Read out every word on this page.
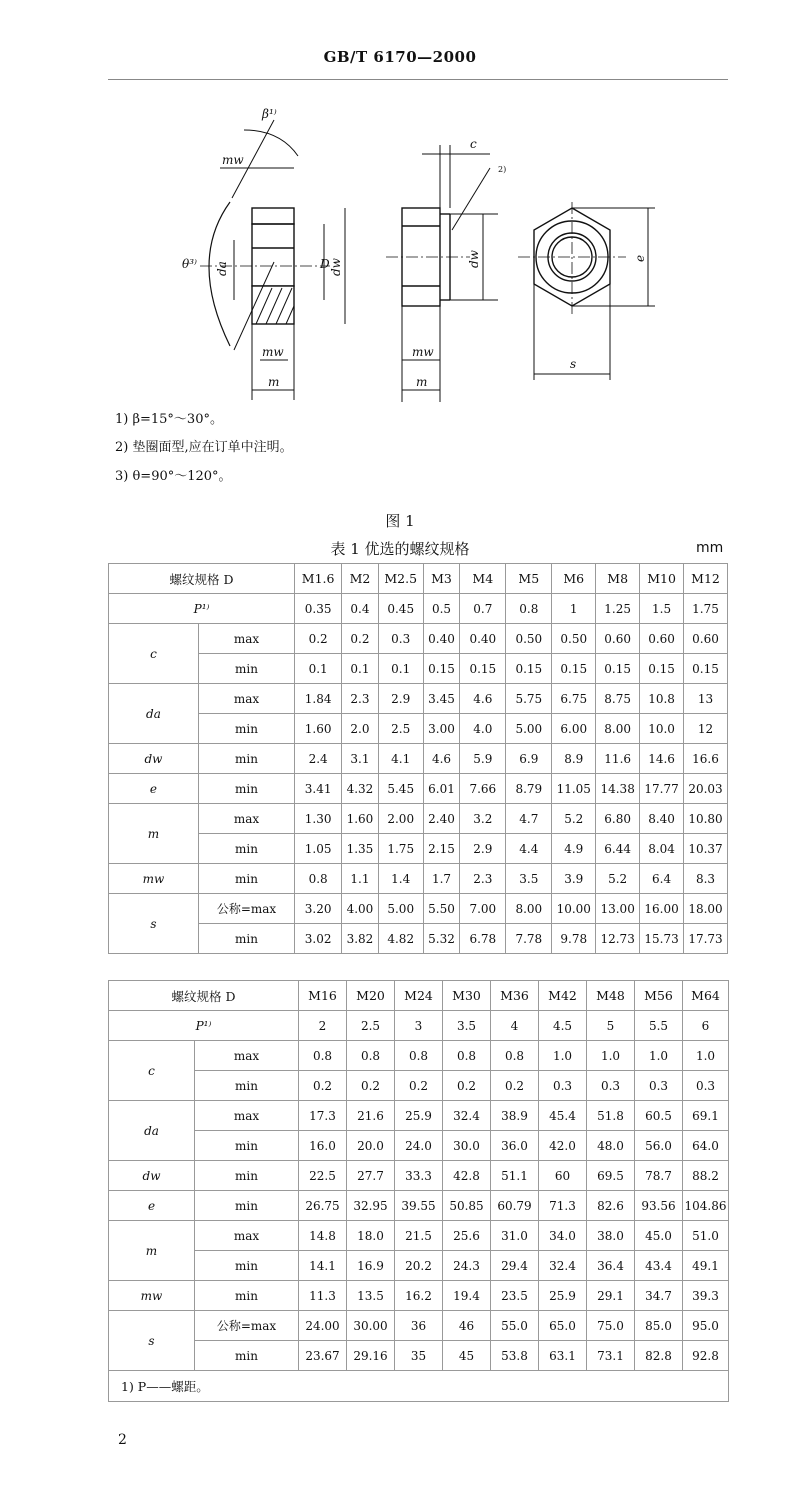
GB/T 6170—2000
β¹⁾
θ³⁾
mw
da	D dw
mw
m
c
2)
dw
mw
m
e
s
1) β=15°～30°。
2) 垫圈面型,应在订单中注明。
3) θ=90°～120°。
图 1
表 1 优选的螺纹规格	mm
螺纹规格 D		M1.6	M2	M2.5	M3	M4	M5	M6	M8	M10	M12
P¹⁾		0.35	0.4	0.45	0.5	0.7	0.8	1	1.25	1.5	1.75
c	max	0.2	0.2	0.3	0.40	0.40	0.50	0.50	0.60	0.60	0.60
	min	0.1	0.1	0.1	0.15	0.15	0.15	0.15	0.15	0.15	0.15
da	max	1.84	2.3	2.9	3.45	4.6	5.75	6.75	8.75	10.8	13
	min	1.60	2.0	2.5	3.00	4.0	5.00	6.00	8.00	10.0	12
dw	min	2.4	3.1	4.1	4.6	5.9	6.9	8.9	11.6	14.6	16.6
e	min	3.41	4.32	5.45	6.01	7.66	8.79	11.05	14.38	17.77	20.03
m	max	1.30	1.60	2.00	2.40	3.2	4.7	5.2	6.80	8.40	10.80
	min	1.05	1.35	1.75	2.15	2.9	4.4	4.9	6.44	8.04	10.37
mw	min	0.8	1.1	1.4	1.7	2.3	3.5	3.9	5.2	6.4	8.3
s	公称=max	3.20	4.00	5.00	5.50	7.00	8.00	10.00	13.00	16.00	18.00
	min	3.02	3.82	4.82	5.32	6.78	7.78	9.78	12.73	15.73	17.73
螺纹规格 D		M16	M20	M24	M30	M36	M42	M48	M56	M64
P¹⁾		2	2.5	3	3.5	4	4.5	5	5.5	6
c	max	0.8	0.8	0.8	0.8	0.8	1.0	1.0	1.0	1.0
	min	0.2	0.2	0.2	0.2	0.2	0.3	0.3	0.3	0.3
da	max	17.3	21.6	25.9	32.4	38.9	45.4	51.8	60.5	69.1
	min	16.0	20.0	24.0	30.0	36.0	42.0	48.0	56.0	64.0
dw	min	22.5	27.7	33.3	42.8	51.1	60	69.5	78.7	88.2
e	min	26.75	32.95	39.55	50.85	60.79	71.3	82.6	93.56	104.86
m	max	14.8	18.0	21.5	25.6	31.0	34.0	38.0	45.0	51.0
	min	14.1	16.9	20.2	24.3	29.4	32.4	36.4	43.4	49.1
mw	min	11.3	13.5	16.2	19.4	23.5	25.9	29.1	34.7	39.3
s	公称=max	24.00	30.00	36	46	55.0	65.0	75.0	85.0	95.0
	min	23.67	29.16	35	45	53.8	63.1	73.1	82.8	92.8
1) P——螺距。										
2
